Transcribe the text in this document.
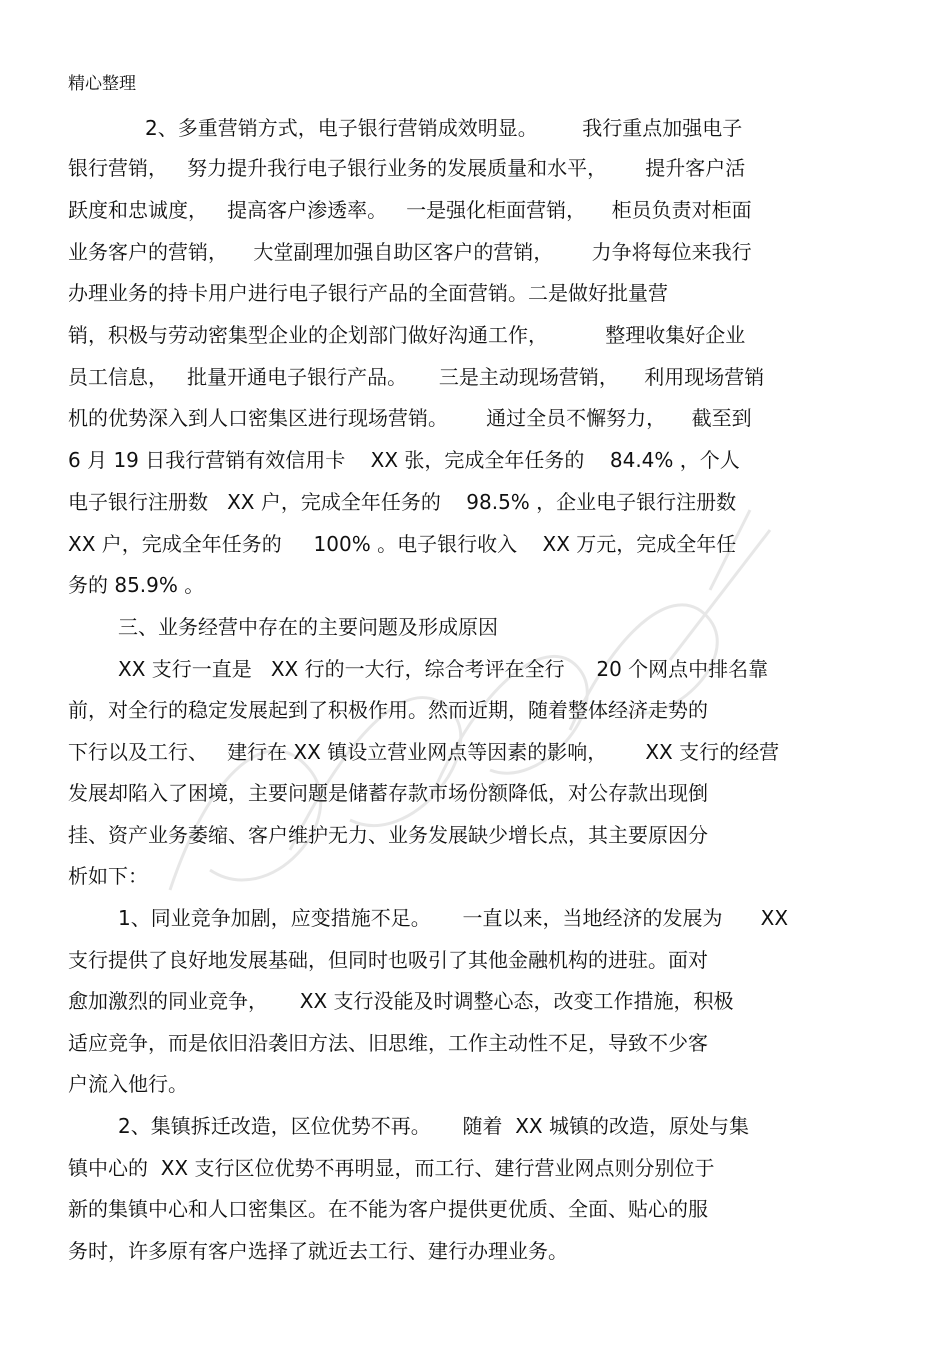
精心整理
2、多重营销方式，电子银行营销成效明显。       我行重点加强电子
银行营销，   努力提升我行电子银行业务的发展质量和水平，      提升客户活
跃度和忠诚度，   提高客户渗透率。   一是强化柜面营销，    柜员负责对柜面
业务客户的营销，    大堂副理加强自助区客户的营销，      力争将每位来我行
办理业务的持卡用户进行电子银行产品的全面营销。二是做好批量营
销，积极与劳动密集型企业的企划部门做好沟通工作，         整理收集好企业
员工信息，   批量开通电子银行产品。     三是主动现场营销，    利用现场营销
机的优势深入到人口密集区进行现场营销。      通过全员不懈努力，    截至到
6 月 19 日我行营销有效信用卡    XX 张，完成全年任务的    84.4% ，个人
电子银行注册数   XX 户，完成全年任务的    98.5% ，企业电子银行注册数
XX 户，完成全年任务的     100% 。电子银行收入    XX 万元，完成全年任
务的 85.9% 。
三、业务经营中存在的主要问题及形成原因
XX 支行一直是   XX 行的一大行，综合考评在全行     20 个网点中排名靠
前，对全行的稳定发展起到了积极作用。然而近期，随着整体经济走势的
下行以及工行、   建行在 XX 镇设立营业网点等因素的影响，      XX 支行的经营
发展却陷入了困境，主要问题是储蓄存款市场份额降低，对公存款出现倒
挂、资产业务萎缩、客户维护无力、业务发展缺少增长点，其主要原因分
析如下：
1、同业竞争加剧，应变措施不足。     一直以来，当地经济的发展为      XX
支行提供了良好地发展基础，但同时也吸引了其他金融机构的进驻。面对
愈加激烈的同业竞争，     XX 支行没能及时调整心态，改变工作措施，积极
适应竞争，而是依旧沿袭旧方法、旧思维，工作主动性不足，导致不少客
户流入他行。
2、集镇拆迁改造，区位优势不再。     随着  XX 城镇的改造，原处与集
镇中心的  XX 支行区位优势不再明显，而工行、建行营业网点则分别位于
新的集镇中心和人口密集区。在不能为客户提供更优质、全面、贴心的服
务时，许多原有客户选择了就近去工行、建行办理业务。
